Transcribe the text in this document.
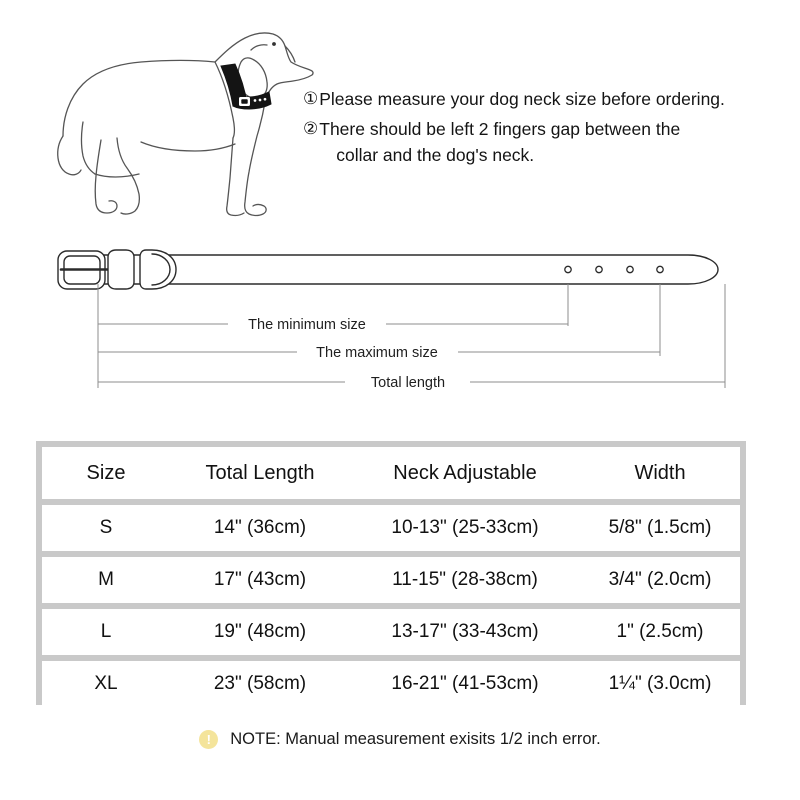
① Please measure your dog neck size before ordering.
② There should be left 2 fingers gap between the
collar and the dog's neck.
The minimum size
The maximum size
Total length
Size	Total Length	Neck Adjustable	Width
S	14" (36cm)	10-13" (25-33cm)	5/8" (1.5cm)
M	17" (43cm)	11-15" (28-38cm)	3/4" (2.0cm)
L	19" (48cm)	13-17" (33-43cm)	1" (2.5cm)
XL	23" (58cm)	16-21" (41-53cm)	1¼" (3.0cm)
! NOTE: Manual measurement exisits 1/2 inch error.
